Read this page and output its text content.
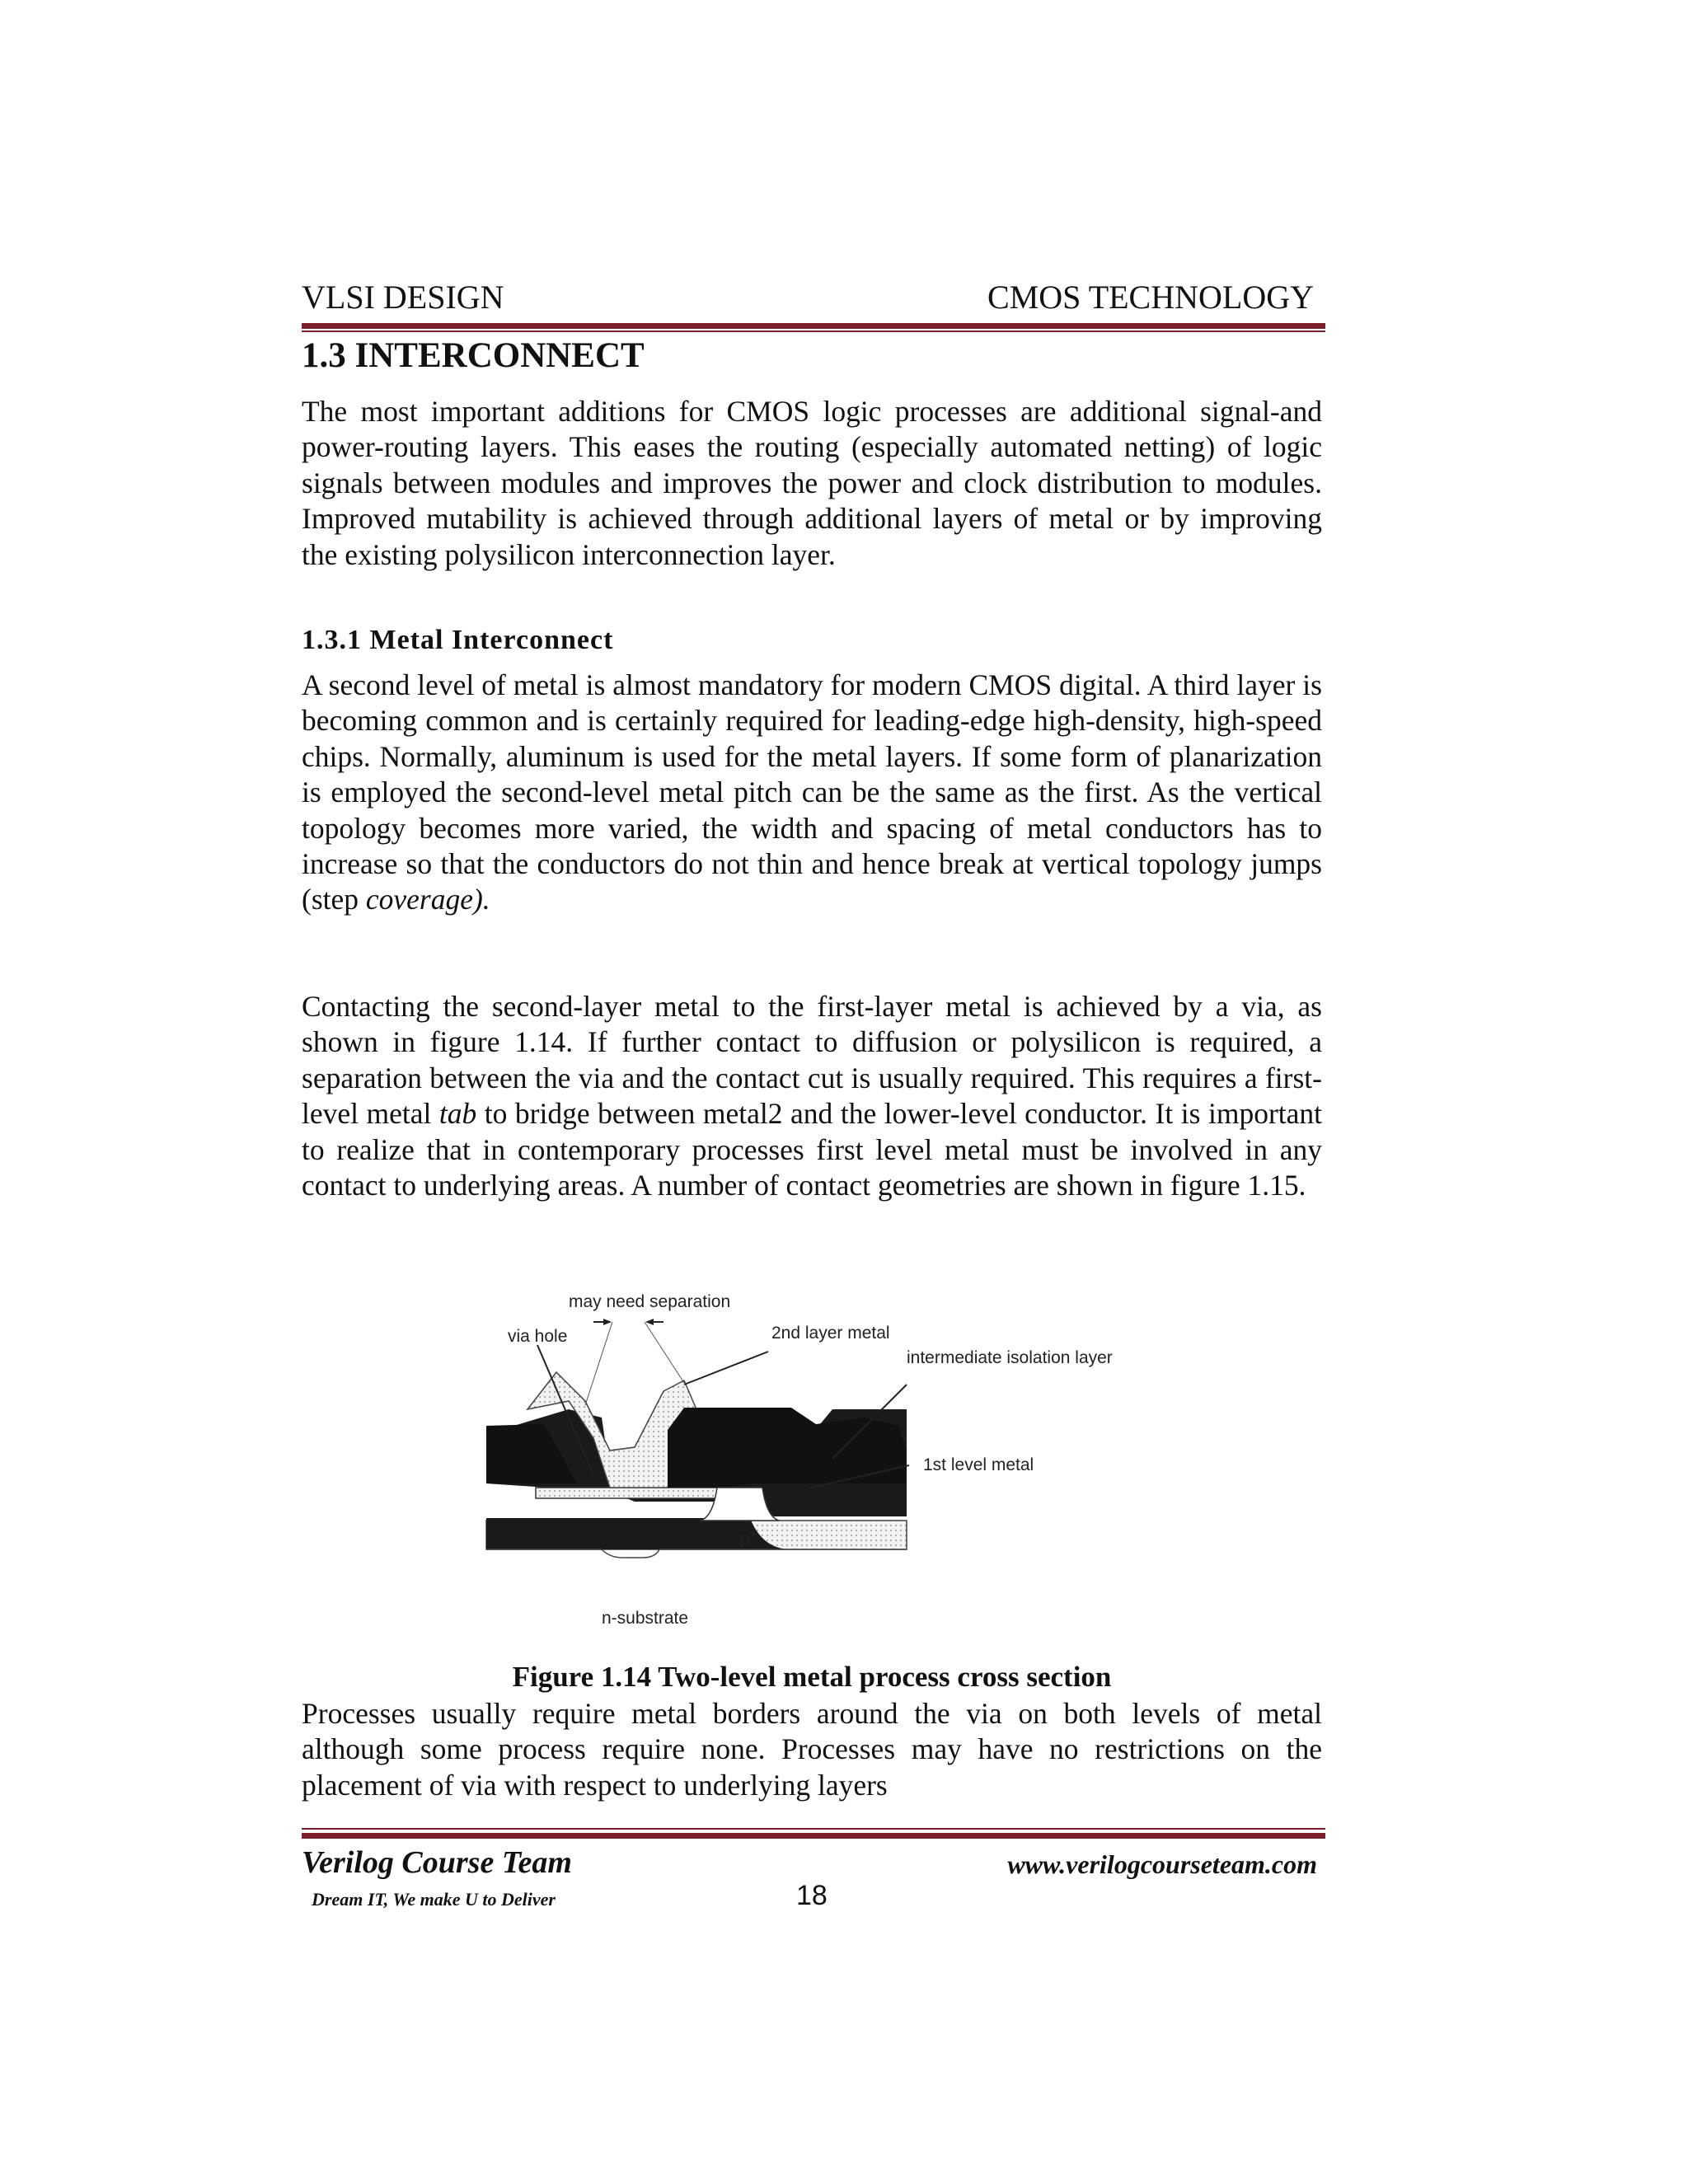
VLSI DESIGN	CMOS TECHNOLOGY
1.3 INTERCONNECT

The most important additions for CMOS logic processes are additional signal-and power-routing layers. This eases the routing (especially automated netting) of logic signals between modules and improves the power and clock distribution to modules. Improved mutability is achieved through additional layers of metal or by improving the existing polysilicon interconnection layer.

1.3.1 Metal Interconnect

A second level of metal is almost mandatory for modern CMOS digital. A third layer is becoming common and is certainly required for leading-edge high-density, high-speed chips. Normally, aluminum is used for the metal layers. If some form of planarization is employed the second-level metal pitch can be the same as the first. As the vertical topology becomes more varied, the width and spacing of metal conductors has to increase so that the conductors do not thin and hence break at vertical topology jumps (step coverage).

Contacting the second-layer metal to the first-layer metal is achieved by a via, as shown in figure 1.14. If further contact to diffusion or polysilicon is required, a separation between the via and the contact cut is usually required. This requires a first-level metal tab to bridge between metal2 and the lower-level conductor. It is important to realize that in contemporary processes first level metal must be involved in any contact to underlying areas. A number of contact geometries are shown in figure 1.15.

may need separation
via hole	2nd layer metal
intermediate isolation layer
1st level metal
p+
n-substrate

Figure 1.14 Two-level metal process cross section

Processes usually require metal borders around the via on both levels of metal although some process require none. Processes may have no restrictions on the placement of via with respect to underlying layers

Verilog Course Team	www.verilogcourseteam.com
Dream IT, We make U to Deliver	18
